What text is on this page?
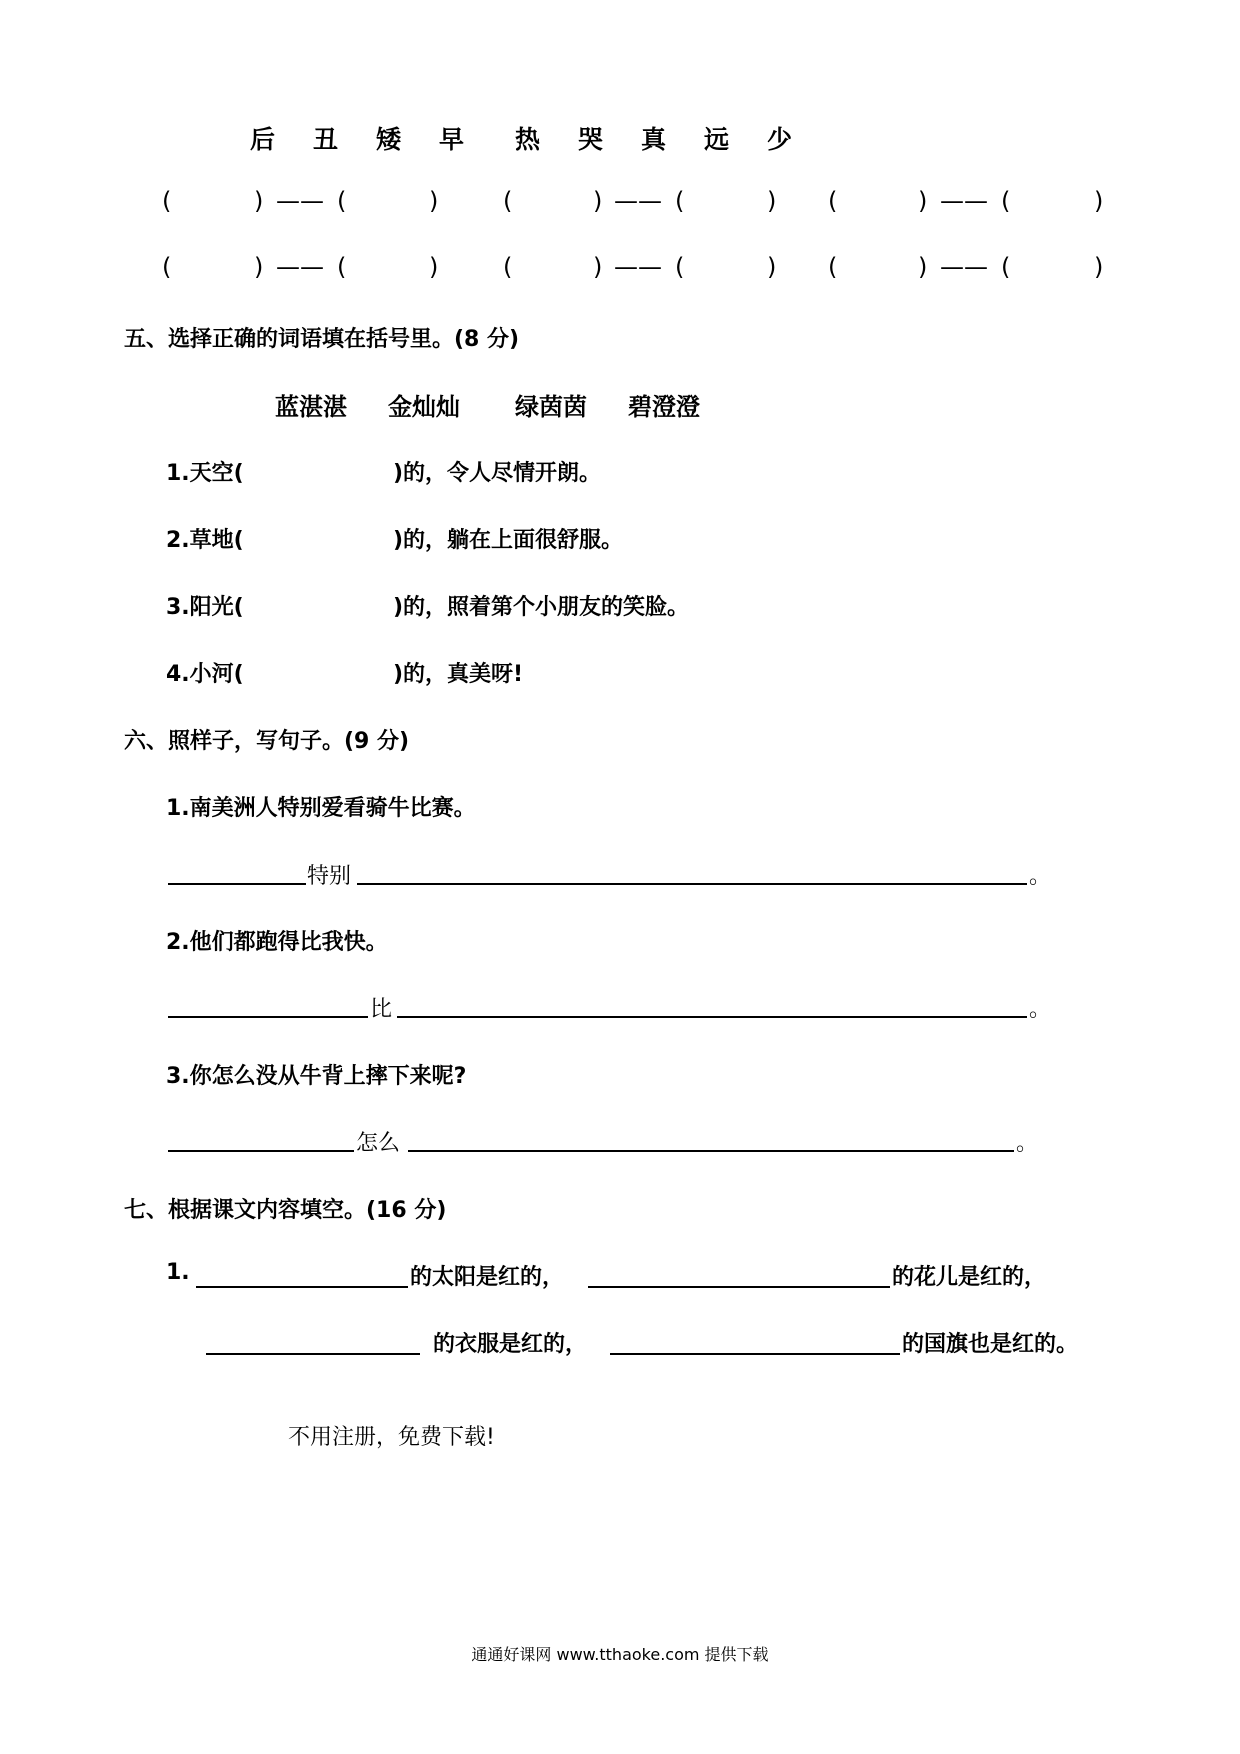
后 丑 矮 早 热 哭 真 远 少
(	) —— (	)	(	) —— (	) (	) —— (	)
(	) —— (	)	(	) —— (	) (	) —— (	)
五、选择正确的词语填在括号里。(8 分)
蓝湛湛 金灿灿 绿茵茵 碧澄澄
1.天空(	)的，令人尽情开朗。
2.草地(	)的，躺在上面很舒服。
3.阳光(	)的，照着第个小朋友的笑脸。
4.小河(	)的，真美呀!
六、照样子，写句子。(9 分)
1.南美洲人特别爱看骑牛比赛。
特别	。
2.他们都跑得比我快。
比	。
3.你怎么没从牛背上摔下来呢?
怎么	。
七、根据课文内容填空。(16 分)
1.	的太阳是红的，	的花儿是红的，
的衣服是红的，	的国旗也是红的。
不用注册，免费下载!
通通好课网 www.tthaoke.com 提供下载
